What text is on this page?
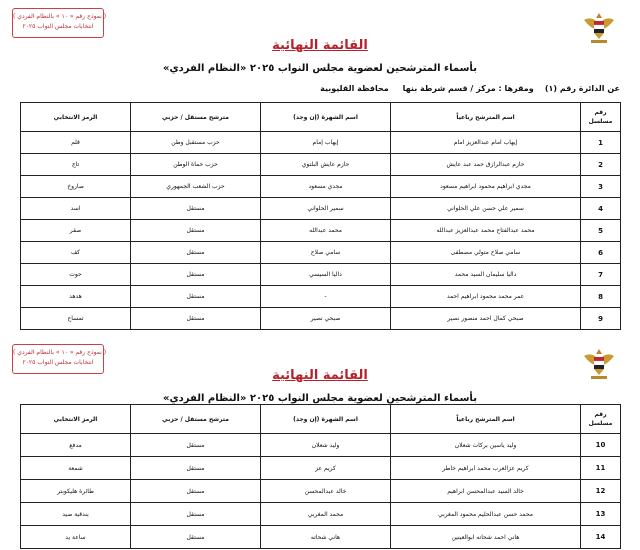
( نموذج رقم « ١٠ » بالنظام الفردي )
انتخابات مجلس النواب ٢٠٢٥
القائمة النهائية
بأسماء المترشحين لعضوية مجلس النواب ٢٠٢٥ «النظام الفردي»
عن الدائرة رقم (١)    ومقرها : مركز / قسم شرطة بنها     محافظة القليوبية
رقم مسلسل	اسم المترشح رباعياً	اسم الشهرة (إن وجد)	مترشح مستقل / حزبي	الرمز الانتخابي
1	إيهاب امام عبدالعزيز امام	إيهاب إمام	حزب مستقبل وطن	قلم
2	حازم عبدالرازق حمد عبد عايش	حازم عايش البلتوي	حزب حماة الوطن	تاج
3	مجدي ابراهيم محمود ابراهيم مسعود	مجدي مسعود	حزب الشعب الجمهوري	صاروخ
4	سمير علي حسن علي الحلواني	سمير الحلواني	مستقل	اسد
5	محمد عبدالفتاح محمد عبدالعزيز عبدالله	محمد عبدالله	مستقل	صقر
6	سامي صلاح متولي مصطفى	سامي صلاح	مستقل	كف
7	داليا سليمان السيد محمد	داليا السيسي	مستقل	حوت
8	عمر محمد محمود ابراهيم احمد	-	مستقل	هدهد
9	صبحي كمال احمد منصور نصير	صبحي نصير	مستقل	تمساح
( نموذج رقم « ١٠ » بالنظام الفردي )
انتخابات مجلس النواب ٢٠٢٥
القائمة النهائية
بأسماء المترشحين لعضوية مجلس النواب ٢٠٢٥ «النظام الفردي»
رقم مسلسل	اسم المترشح رباعياً	اسم الشهرة (إن وجد)	مترشح مستقل / حزبي	الرمز الانتخابي
10	وليد ياسين بركات شعلان	وليد شعلان	مستقل	مدفع
11	كريم عزالعرب محمد ابراهيم خاطر	كريم عز	مستقل	شمعة
12	خالد السيد عبدالمحسن ابراهيم	خالد عبدالمحسن	مستقل	طائرة هليكوبتر
13	محمد حسن عبدالحليم محمود المغربي	محمد المغربي	مستقل	بندقية صيد
14	هاني احمد شحاته ابوالعينين	هاني شحاته	مستقل	ساعة يد
